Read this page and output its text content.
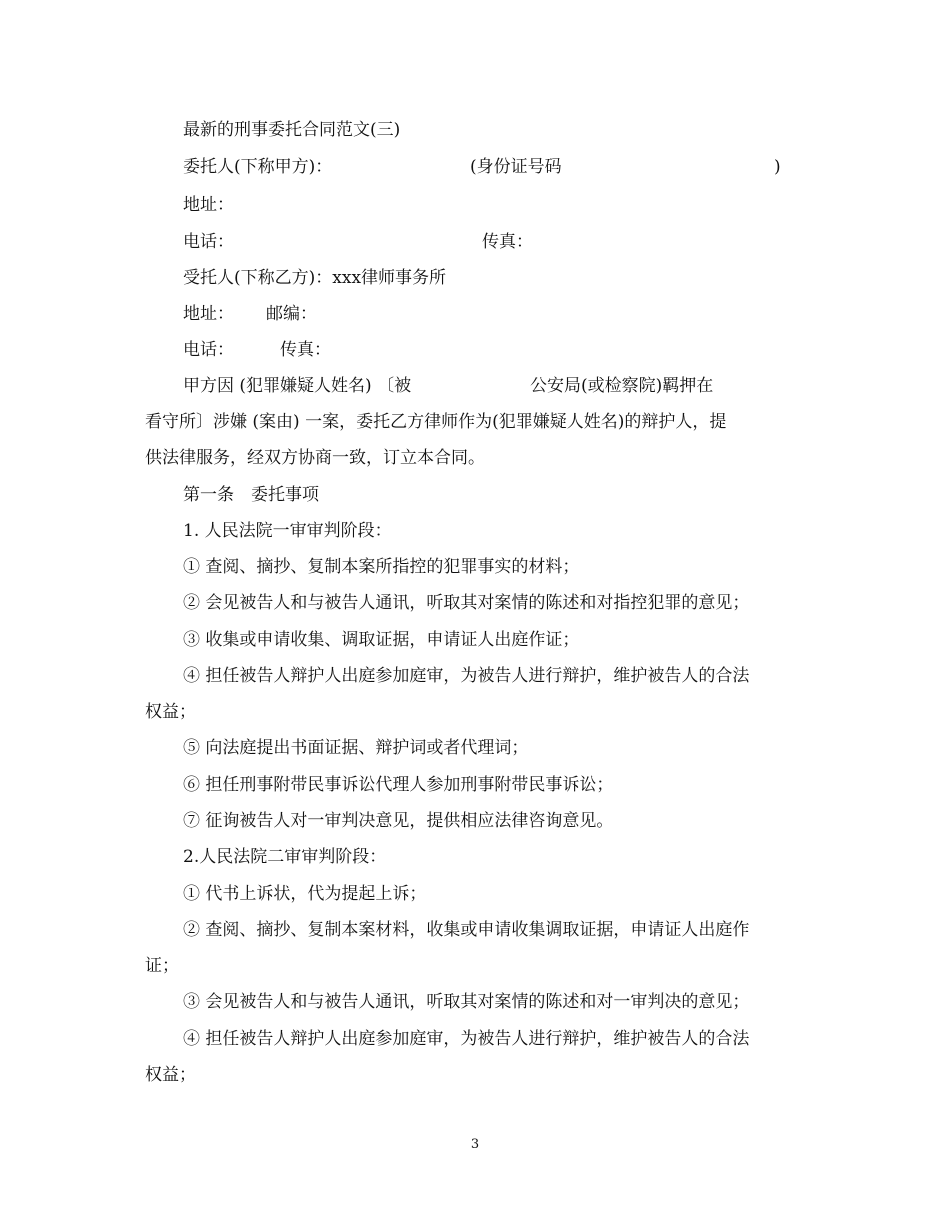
最新的刑事委托合同范文(三)
委托人(下称甲方)：	(身份证号码	)
地址：
电话：	传真：
受托人(下称乙方)：xxx律师事务所
地址： 邮编：
电话：	传真：
甲方因 (犯罪嫌疑人姓名) 〔被	公安局(或检察院)羁押在
看守所〕涉嫌 (案由) 一案，委托乙方律师作为(犯罪嫌疑人姓名)的辩护人，提
供法律服务，经双方协商一致，订立本合同。
第一条　委托事项
1. 人民法院一审审判阶段：
① 查阅、摘抄、复制本案所指控的犯罪事实的材料；
② 会见被告人和与被告人通讯，听取其对案情的陈述和对指控犯罪的意见；
③ 收集或申请收集、调取证据，申请证人出庭作证；
④ 担任被告人辩护人出庭参加庭审，为被告人进行辩护，维护被告人的合法
权益；
⑤ 向法庭提出书面证据、辩护词或者代理词；
⑥ 担任刑事附带民事诉讼代理人参加刑事附带民事诉讼；
⑦ 征询被告人对一审判决意见，提供相应法律咨询意见。
2.人民法院二审审判阶段：
① 代书上诉状，代为提起上诉；
② 查阅、摘抄、复制本案材料，收集或申请收集调取证据，申请证人出庭作
证；
③ 会见被告人和与被告人通讯，听取其对案情的陈述和对一审判决的意见；
④ 担任被告人辩护人出庭参加庭审，为被告人进行辩护，维护被告人的合法
权益；
3
